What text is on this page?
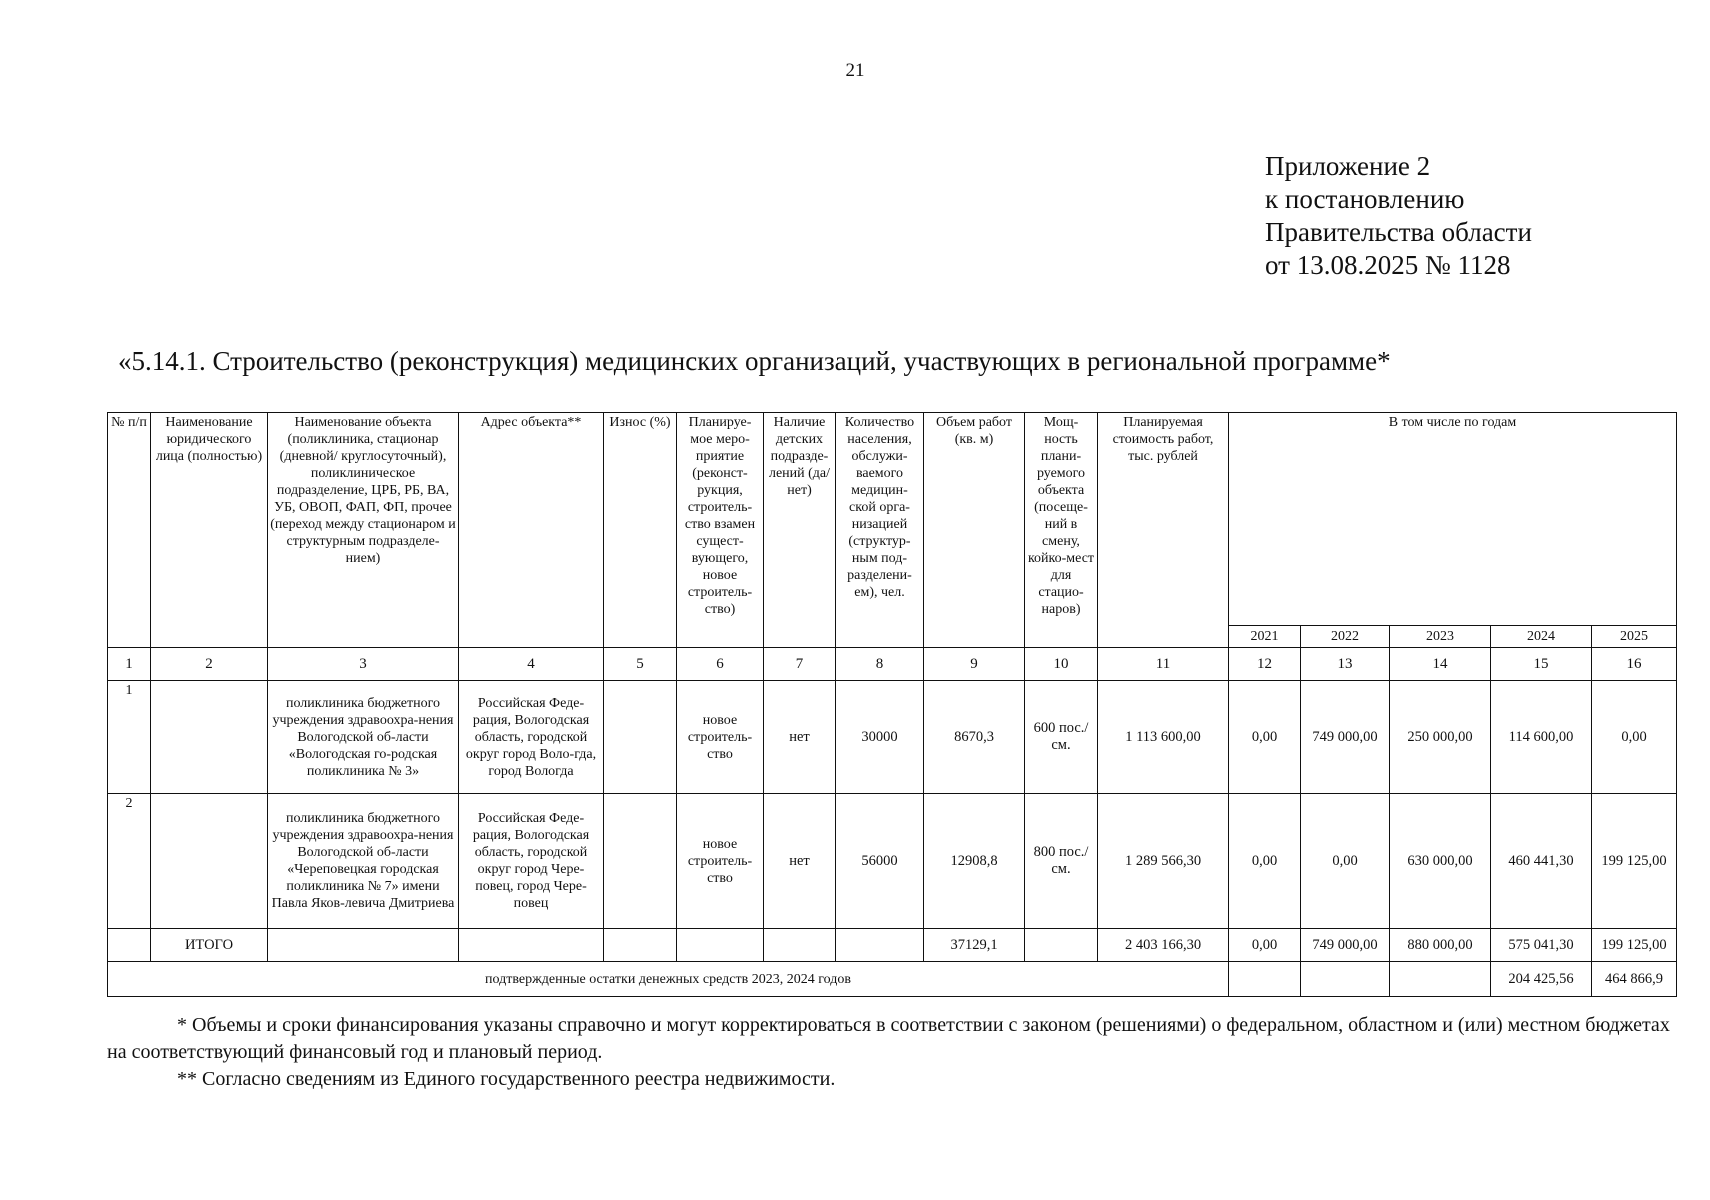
21
Приложение 2
к постановлению
Правительства области
от 13.08.2025 № 1128
«5.14.1. Строительство (реконструкция) медицинских организаций, участвующих в региональной программе*
№ п/п	Наименование юридического лица (полностью)	Наименование объекта (поликлиника, стационар (дневной/ круглосуточный), поликлиническое подразделение, ЦРБ, РБ, ВА, УБ, ОВОП, ФАП, ФП, прочее (переход между стационаром и структурным подразделе-нием)	Адрес объекта**	Износ (%)	Планируе-мое меро-приятие (реконст-рукция, строитель-ство взамен сущест-вующего, новое строитель-ство)	Наличие детских подразде-лений (да/ нет)	Количество населения, обслужи-ваемого медицин-ской орга-низацией (структур-ным под-разделени-ем), чел.	Объем работ (кв. м)	Мощ-ность плани-руемого объекта (посеще-ний в смену, койко-мест для стацио-наров)	Планируемая стоимость работ, тыс. рублей	В том числе по годам				
											2021	2022	2023	2024	2025
1	2	3	4	5	6	7	8	9	10	11	12	13	14	15	16
1		поликлиника бюджетного учреждения здравоохра-нения Вологодской об-ласти «Вологодская го-родская поликлиника № 3»	Российская Феде-рация, Вологодская область, городской округ город Воло-гда, город Вологда		новое строитель-ство	нет	30000	8670,3	600 пос./ см.	1 113 600,00	0,00	749 000,00	250 000,00	114 600,00	0,00
2		поликлиника бюджетного учреждения здравоохра-нения Вологодской об-ласти «Череповецкая городская поликлиника № 7» имени Павла Яков-левича Дмитриева	Российская Феде-рация, Вологодская область, городской округ город Чере-повец, город Чере-повец		новое строитель-ство	нет	56000	12908,8	800 пос./ см.	1 289 566,30	0,00	0,00	630 000,00	460 441,30	199 125,00
	ИТОГО							37129,1		2 403 166,30	0,00	749 000,00	880 000,00	575 041,30	199 125,00
подтвержденные остатки денежных средств 2023, 2024 годов														204 425,56	464 866,9

* Объемы и сроки финансирования указаны справочно и могут корректироваться в соответствии с законом (решениями) о федеральном, областном и (или) местном бюджетах на соответствующий финансовый год и плановый период.

** Согласно сведениям из Единого государственного реестра недвижимости.
